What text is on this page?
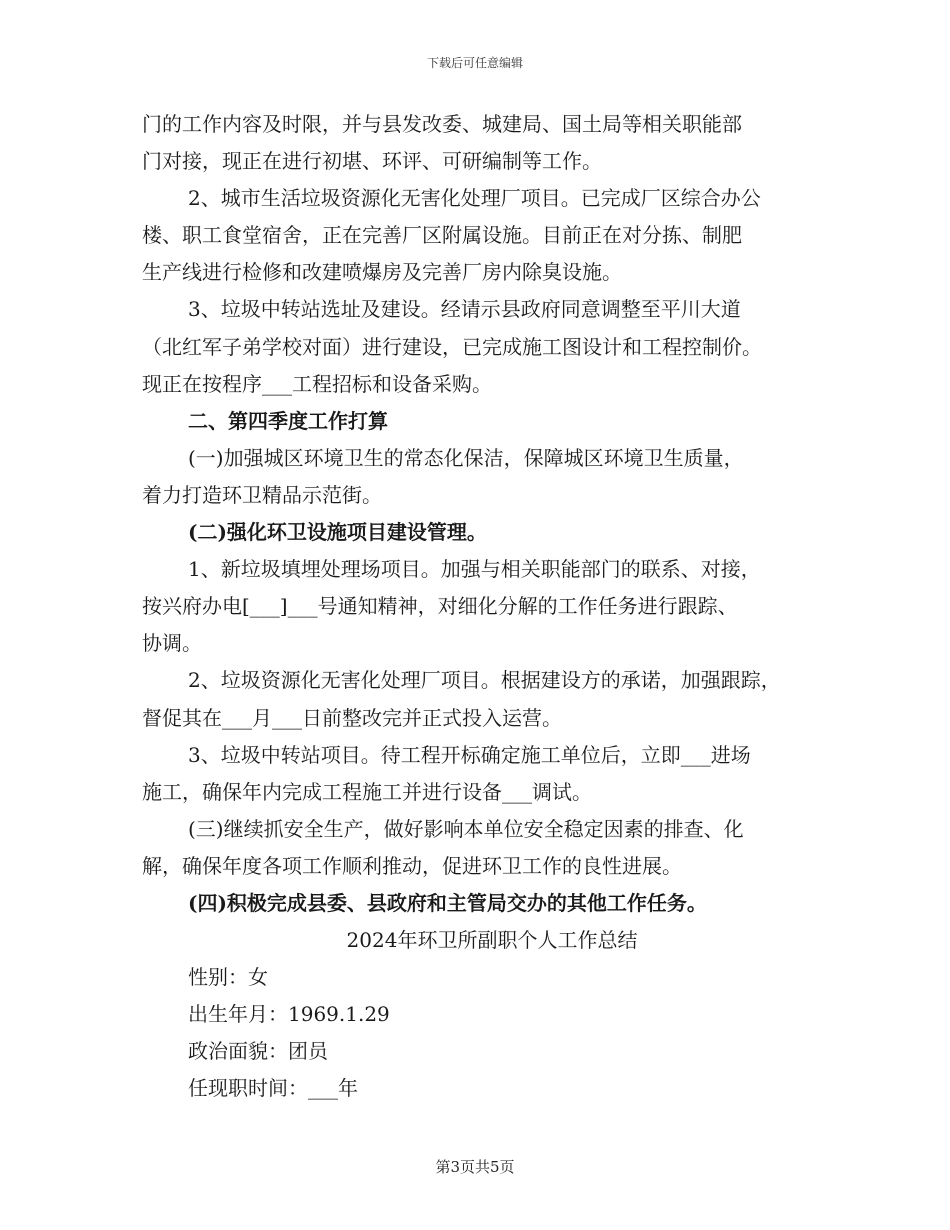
下载后可任意编辑
门的工作内容及时限，并与县发改委、城建局、国土局等相关职能部
门对接，现正在进行初堪、环评、可研编制等工作。
2、城市生活垃圾资源化无害化处理厂项目。已完成厂区综合办公
楼、职工食堂宿舍，正在完善厂区附属设施。目前正在对分拣、制肥
生产线进行检修和改建喷爆房及完善厂房内除臭设施。
3、垃圾中转站选址及建设。经请示县政府同意调整至平川大道
（北红军子弟学校对面）进行建设，已完成施工图设计和工程控制价。
现正在按程序___工程招标和设备采购。
二、第四季度工作打算
(一)加强城区环境卫生的常态化保洁，保障城区环境卫生质量，
着力打造环卫精品示范街。
(二)强化环卫设施项目建设管理。
1、新垃圾填埋处理场项目。加强与相关职能部门的联系、对接，
按兴府办电[___]___号通知精神，对细化分解的工作任务进行跟踪、
协调。
2、垃圾资源化无害化处理厂项目。根据建设方的承诺，加强跟踪，
督促其在___月___日前整改完并正式投入运营。
3、垃圾中转站项目。待工程开标确定施工单位后，立即___进场
施工，确保年内完成工程施工并进行设备___调试。
(三)继续抓安全生产，做好影响本单位安全稳定因素的排查、化
解，确保年度各项工作顺利推动，促进环卫工作的良性进展。
(四)积极完成县委、县政府和主管局交办的其他工作任务。
2024年环卫所副职个人工作总结
性别：女
出生年月：1969.1.29
政治面貌：团员
任现职时间：___年
第3页共5页
